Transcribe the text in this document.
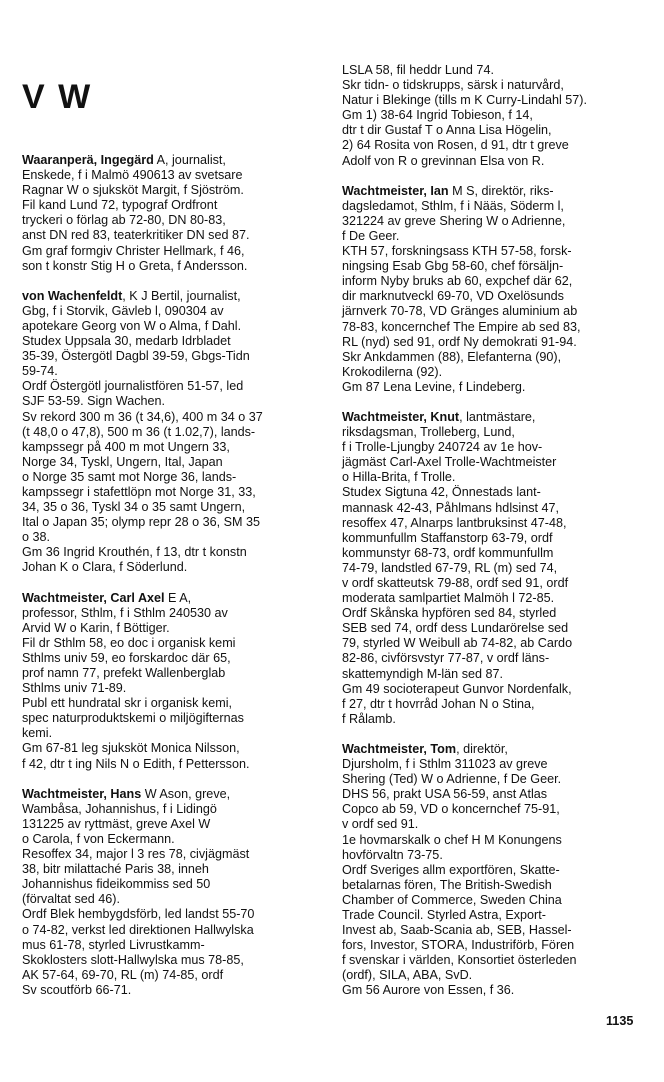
V W
Waaranperä, Ingegärd A, journalist,
Enskede, f i Malmö 490613 av svetsare
Ragnar W o sjuksköt Margit, f Sjöström.
Fil kand Lund 72, typograf Ordfront
tryckeri o förlag ab 72-80, DN 80-83,
anst DN red 83, teaterkritiker DN sed 87.
Gm graf formgiv Christer Hellmark, f 46,
son t konstr Stig H o Greta, f Andersson.
von Wachenfeldt, K J Bertil, journalist,
Gbg, f i Storvik, Gävleb l, 090304 av
apotekare Georg von W o Alma, f Dahl.
Studex Uppsala 30, medarb Idrbladet
35-39, Östergötl Dagbl 39-59, Gbgs-Tidn
59-74.
Ordf Östergötl journalistfören 51-57, led
SJF 53-59. Sign Wachen.
Sv rekord 300 m 36 (t 34,6), 400 m 34 o 37
(t 48,0 o 47,8), 500 m 36 (t 1.02,7), lands-
kampssegr på 400 m mot Ungern 33,
Norge 34, Tyskl, Ungern, Ital, Japan
o Norge 35 samt mot Norge 36, lands-
kampssegr i stafettlöpn mot Norge 31, 33,
34, 35 o 36, Tyskl 34 o 35 samt Ungern,
Ital o Japan 35; olymp repr 28 o 36, SM 35
o 38.
Gm 36 Ingrid Krouthén, f 13, dtr t konstn
Johan K o Clara, f Söderlund.
Wachtmeister, Carl Axel E A,
professor, Sthlm, f i Sthlm 240530 av
Arvid W o Karin, f Böttiger.
Fil dr Sthlm 58, eo doc i organisk kemi
Sthlms univ 59, eo forskardoc där 65,
prof namn 77, prefekt Wallenberglab
Sthlms univ 71-89.
Publ ett hundratal skr i organisk kemi,
spec naturproduktskemi o miljögifternas
kemi.
Gm 67-81 leg sjuksköt Monica Nilsson,
f 42, dtr t ing Nils N o Edith, f Pettersson.
Wachtmeister, Hans W Ason, greve,
Wambåsa, Johannishus, f i Lidingö
131225 av ryttmäst, greve Axel W
o Carola, f von Eckermann.
Resoffex 34, major l 3 res 78, civjägmäst
38, bitr milattaché Paris 38, inneh
Johannishus fideikommiss sed 50
(förvaltat sed 46).
Ordf Blek hembygdsförb, led landst 55-70
o 74-82, verkst led direktionen Hallwylska
mus 61-78, styrled Livrustkamm-
Skoklosters slott-Hallwylska mus 78-85,
AK 57-64, 69-70, RL (m) 74-85, ordf
Sv scoutförb 66-71.
LSLA 58, fil heddr Lund 74.
Skr tidn- o tidskrupps, särsk i naturvård,
Natur i Blekinge (tills m K Curry-Lindahl 57).
Gm 1) 38-64 Ingrid Tobieson, f 14,
dtr t dir Gustaf T o Anna Lisa Högelin,
2) 64 Rosita von Rosen, d 91, dtr t greve
Adolf von R o grevinnan Elsa von R.
Wachtmeister, Ian M S, direktör, riks-
dagsledamot, Sthlm, f i Nääs, Söderm l,
321224 av greve Shering W o Adrienne,
f De Geer.
KTH 57, forskningsass KTH 57-58, forsk-
ningsing Esab Gbg 58-60, chef försäljn-
inform Nyby bruks ab 60, expchef där 62,
dir marknutveckl 69-70, VD Oxelösunds
järnverk 70-78, VD Gränges aluminium ab
78-83, koncernchef The Empire ab sed 83,
RL (nyd) sed 91, ordf Ny demokrati 91-94.
Skr Ankdammen (88), Elefanterna (90),
Krokodilerna (92).
Gm 87 Lena Levine, f Lindeberg.
Wachtmeister, Knut, lantmästare,
riksdagsman, Trolleberg, Lund,
f i Trolle-Ljungby 240724 av 1e hov-
jägmäst Carl-Axel Trolle-Wachtmeister
o Hilla-Brita, f Trolle.
Studex Sigtuna 42, Önnestads lant-
mannask 42-43, Påhlmans hdlsinst 47,
resoffex 47, Alnarps lantbruksinst 47-48,
kommunfullm Staffanstorp 63-79, ordf
kommunstyr 68-73, ordf kommunfullm
74-79, landstled 67-79, RL (m) sed 74,
v ordf skatteutsk 79-88, ordf sed 91, ordf
moderata samlpartiet Malmöh l 72-85.
Ordf Skånska hypfören sed 84, styrled
SEB sed 74, ordf dess Lundarörelse sed
79, styrled W Weibull ab 74-82, ab Cardo
82-86, civförsvstyr 77-87, v ordf läns-
skattemyndigh M-län sed 87.
Gm 49 socioterapeut Gunvor Nordenfalk,
f 27, dtr t hovrråd Johan N o Stina,
f Rålamb.
Wachtmeister, Tom, direktör,
Djursholm, f i Sthlm 311023 av greve
Shering (Ted) W o Adrienne, f De Geer.
DHS 56, prakt USA 56-59, anst Atlas
Copco ab 59, VD o koncernchef 75-91,
v ordf sed 91.
1e hovmarskalk o chef H M Konungens
hovförvaltn 73-75.
Ordf Sveriges allm exportfören, Skatte-
betalarnas fören, The British-Swedish
Chamber of Commerce, Sweden China
Trade Council. Styrled Astra, Export-
Invest ab, Saab-Scania ab, SEB, Hassel-
fors, Investor, STORA, Industriförb, Fören
f svenskar i världen, Konsortiet österleden
(ordf), SILA, ABA, SvD.
Gm 56 Aurore von Essen, f 36.
1135
